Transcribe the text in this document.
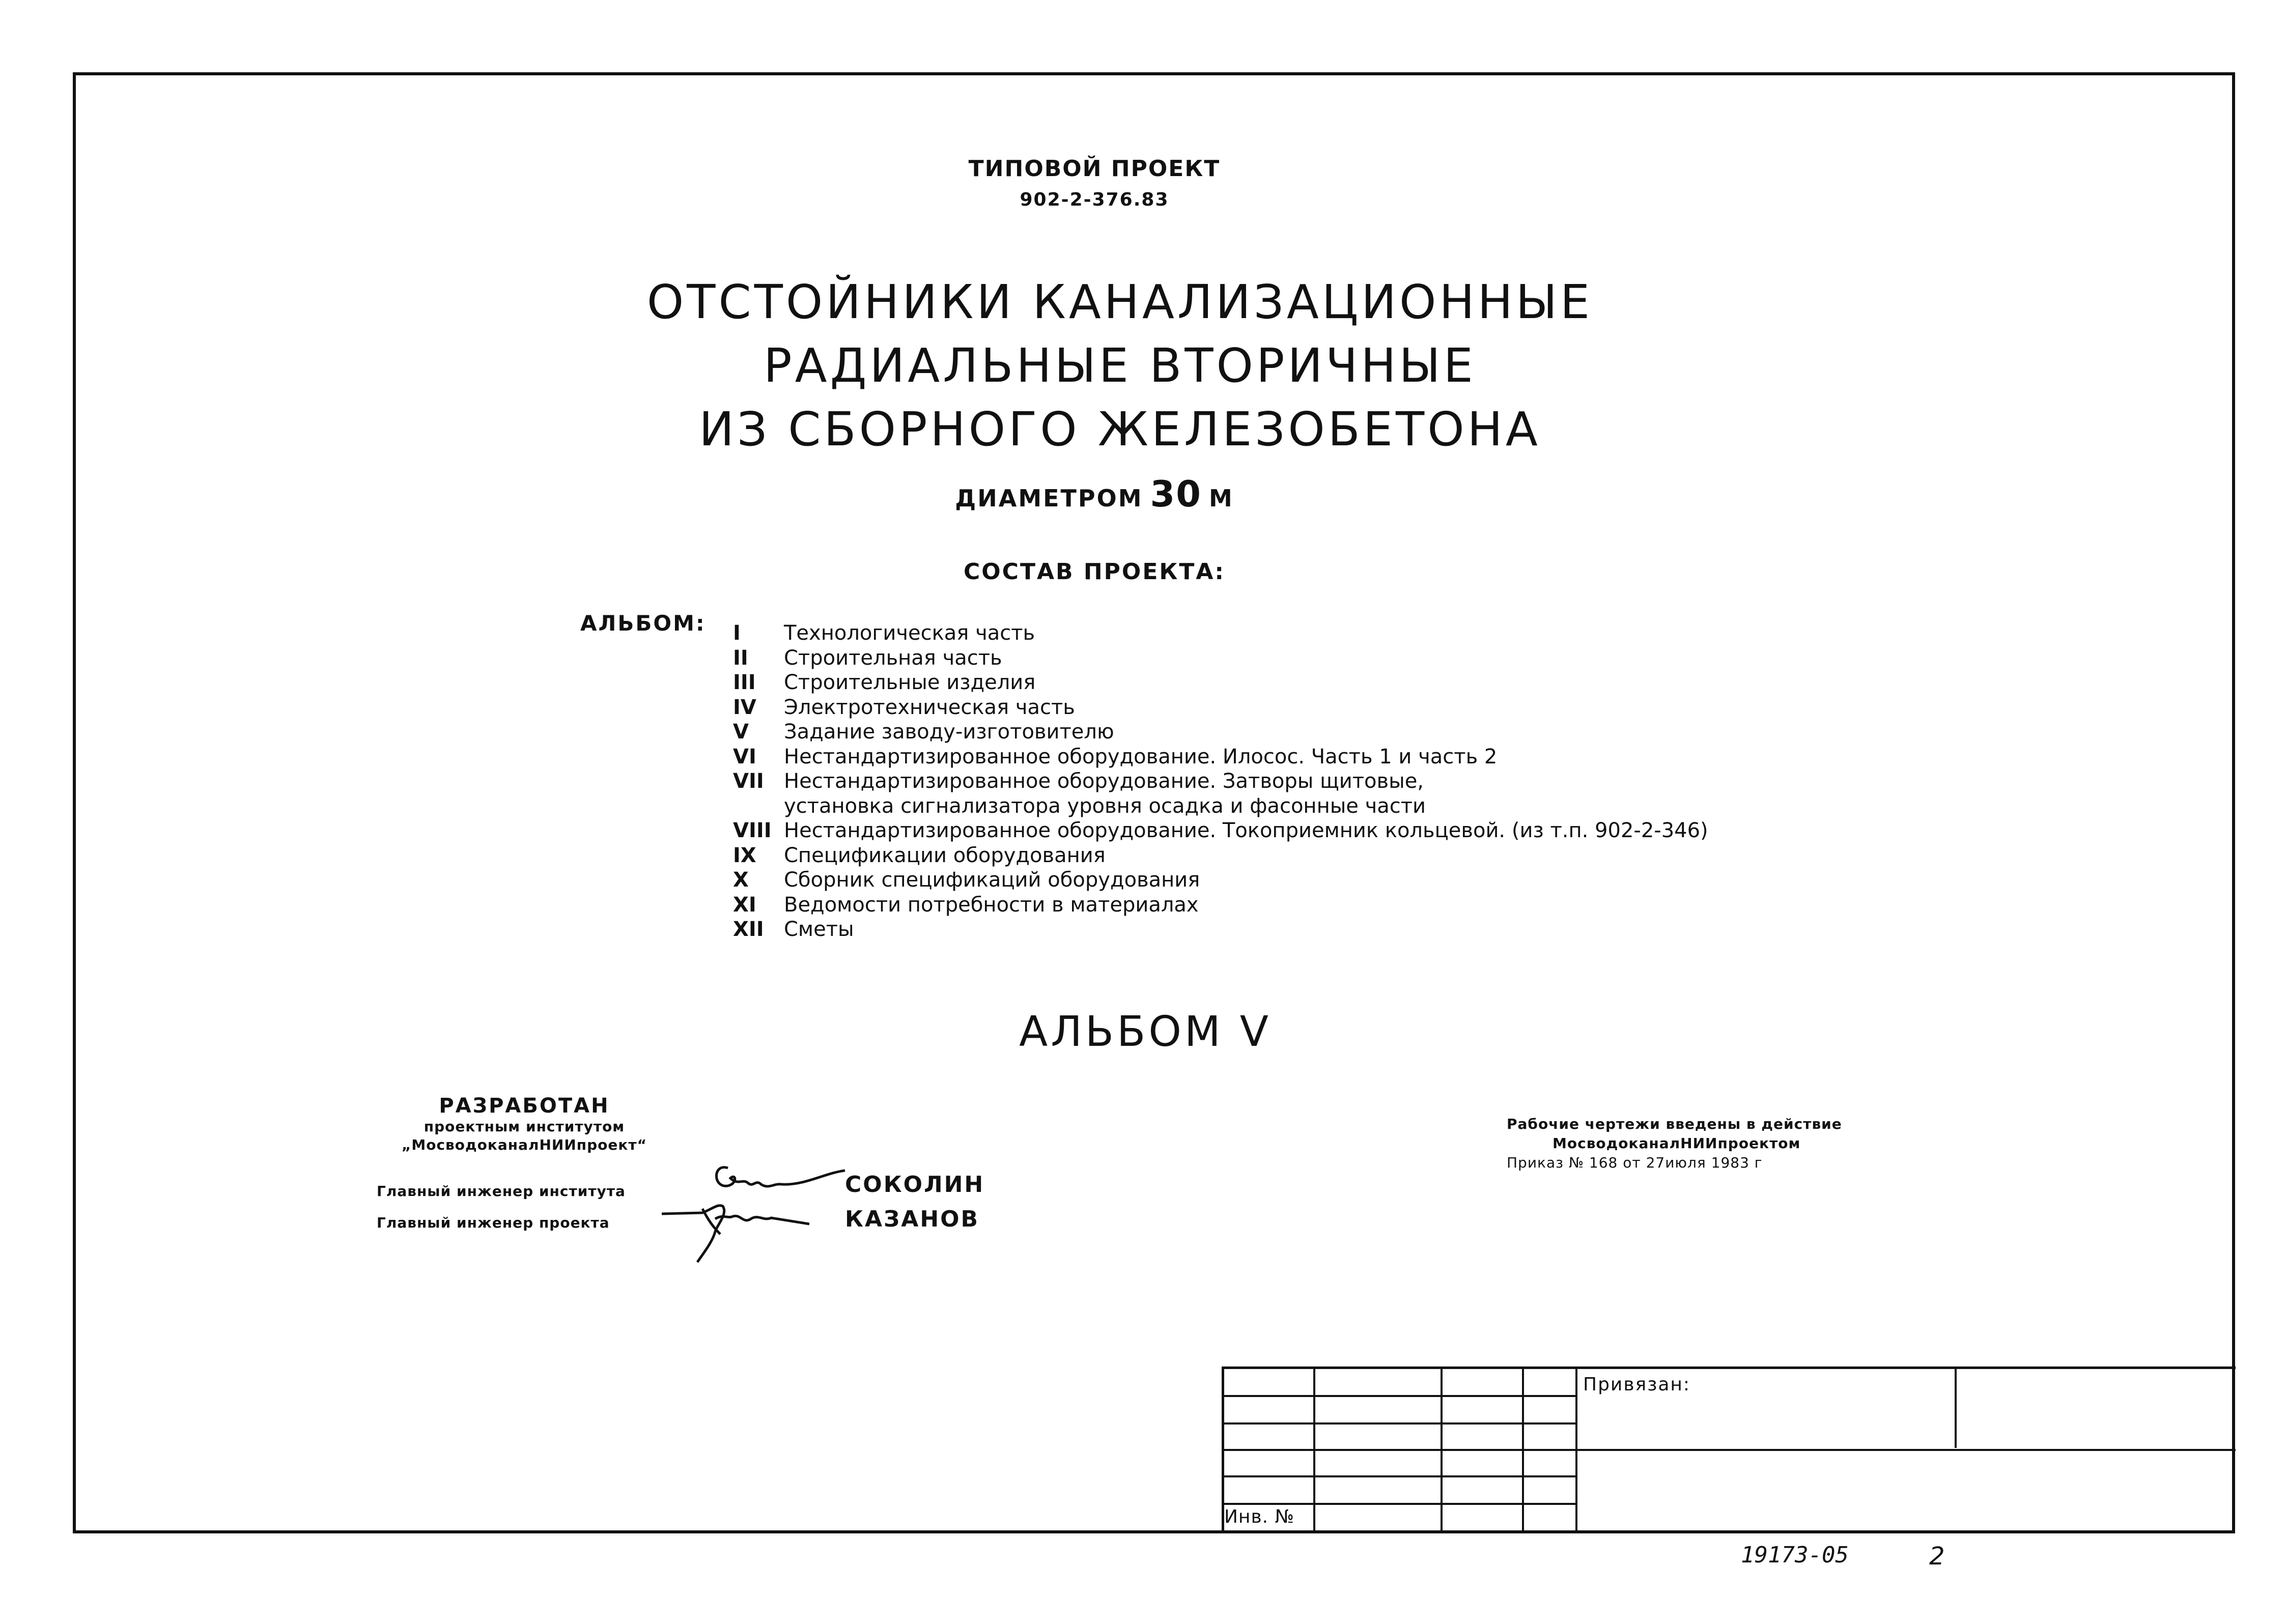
ТИПОВОЙ ПРОЕКТ
902-2-376.83
ОТСТОЙНИКИ КАНАЛИЗАЦИОННЫЕ
РАДИАЛЬНЫЕ ВТОРИЧНЫЕ
ИЗ СБОРНОГО ЖЕЛЕЗОБЕТОНА
ДИАМЕТРОМ 30 М
СОСТАВ ПРОЕКТА:
АЛЬБОМ: I	Технологическая часть
II	Строительная часть
III	Строительные изделия
IV	Электротехническая часть
V	Задание заводу-изготовителю
VI	Нестандартизированное оборудование. Илосос. Часть 1 и часть 2
VII Нестандартизированное оборудование. Затворы щитовые,
установка сигнализатора уровня осадка и фасонные части
VIII Нестандартизированное оборудование. Токоприемник кольцевой. (из т.п. 902-2-346)
IX	Спецификации оборудования
X	Сборник спецификаций оборудования
XI	Ведомости потребности в материалах
XII Сметы
АЛЬБОМ V
РАЗРАБОТАН
проектным институтом
„МосводоканалНИИпроект“
Главный инженер института
Главный инженер проекта
СОКОЛИН
КАЗАНОВ
Рабочие чертежи введены в действие
МосводоканалНИИпроектом
Приказ № 168 от 27июля 1983 г
Привязан:
Инв. №
19173-05	2
